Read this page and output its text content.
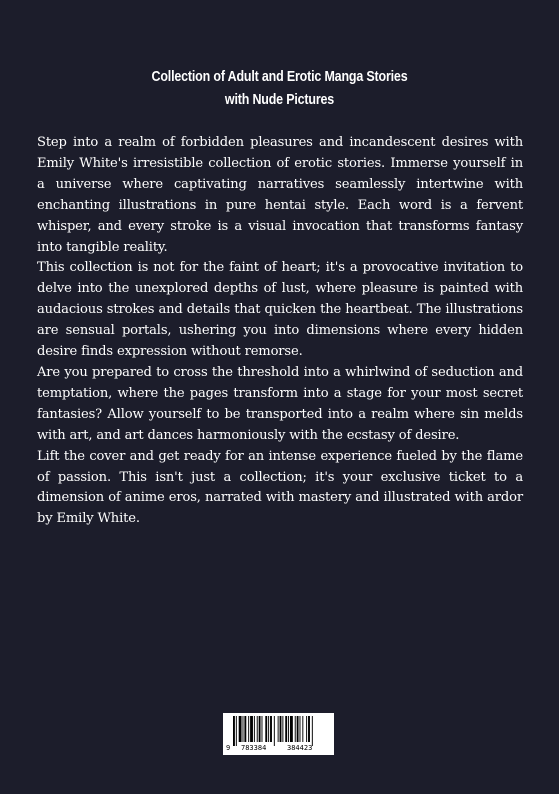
Collection of Adult and Erotic Manga Stories
with Nude Pictures

Step into a realm of forbidden pleasures and incandescent desires with Emily White's irresistible collection of erotic stories. Immerse yourself in a universe where captivating narratives seamlessly intertwine with enchanting illustrations in pure hentai style. Each word is a fervent whisper, and every stroke is a visual invocation that transforms fantasy into tangible reality.

This collection is not for the faint of heart; it's a provocative invitation to delve into the unexplored depths of lust, where pleasure is painted with audacious strokes and details that quicken the heartbeat. The illustrations are sensual portals, ushering you into dimensions where every hidden desire finds expression without remorse.

Are you prepared to cross the threshold into a whirlwind of seduction and temptation, where the pages transform into a stage for your most secret fantasies? Allow yourself to be transported into a realm where sin melds with art, and art dances harmoniously with the ecstasy of desire.

Lift the cover and get ready for an intense experience fueled by the flame of passion. This isn't just a collection; it's your exclusive ticket to a dimension of anime eros, narrated with mastery and illustrated with ardor by Emily White.

9 783384	384423
